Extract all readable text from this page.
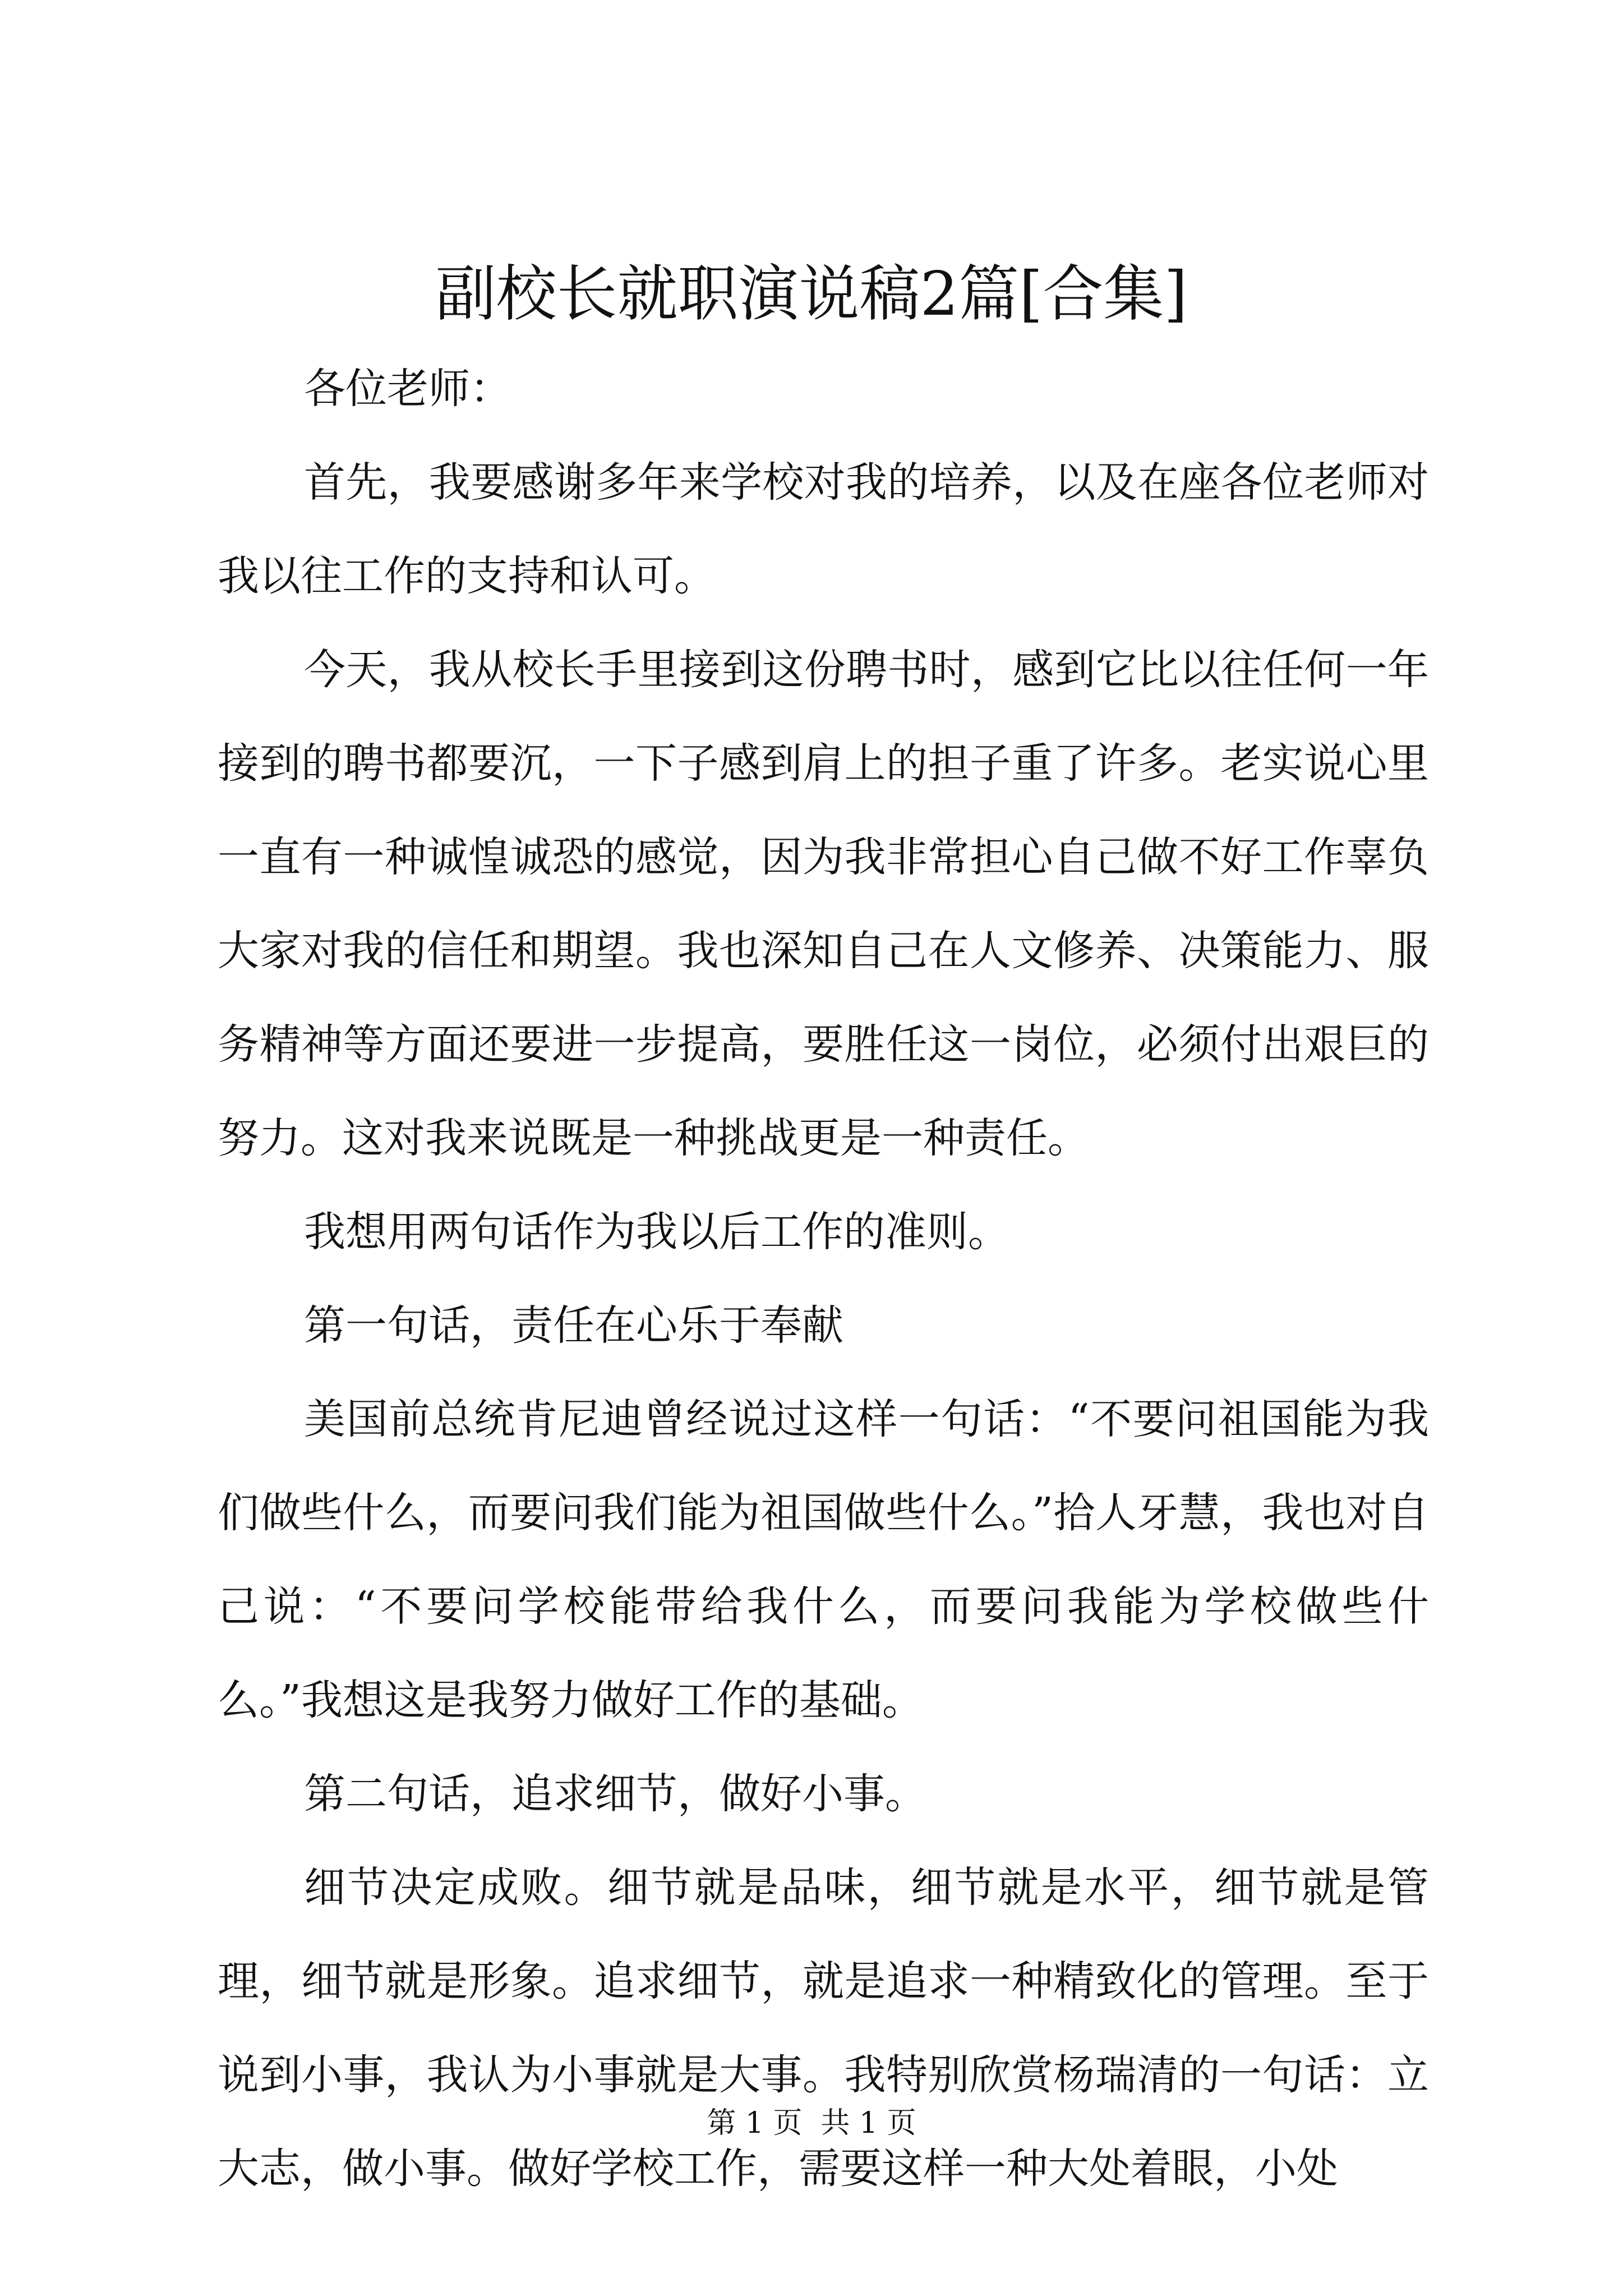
副校长就职演说稿2篇[合集]

各位老师：

首先，我要感谢多年来学校对我的培养，以及在座各位老师对我以往工作的支持和认可。

今天，我从校长手里接到这份聘书时，感到它比以往任何一年接到的聘书都要沉，一下子感到肩上的担子重了许多。老实说心里一直有一种诚惶诚恐的感觉，因为我非常担心自己做不好工作辜负大家对我的信任和期望。我也深知自己在人文修养、决策能力、服务精神等方面还要进一步提高，要胜任这一岗位，必须付出艰巨的努力。这对我来说既是一种挑战更是一种责任。

我想用两句话作为我以后工作的准则。

第一句话，责任在心乐于奉献

美国前总统肯尼迪曾经说过这样一句话：“不要问祖国能为我们做些什么，而要问我们能为祖国做些什么。”拾人牙慧，我也对自己说：“不要问学校能带给我什么，而要问我能为学校做些什么。”我想这是我努力做好工作的基础。

第二句话，追求细节，做好小事。

细节决定成败。细节就是品味，细节就是水平，细节就是管理，细节就是形象。追求细节，就是追求一种精致化的管理。至于说到小事，我认为小事就是大事。我特别欣赏杨瑞清的一句话：立大志，做小事。做好学校工作，需要这样一种大处着眼，小处

第 1 页  共 1 页
